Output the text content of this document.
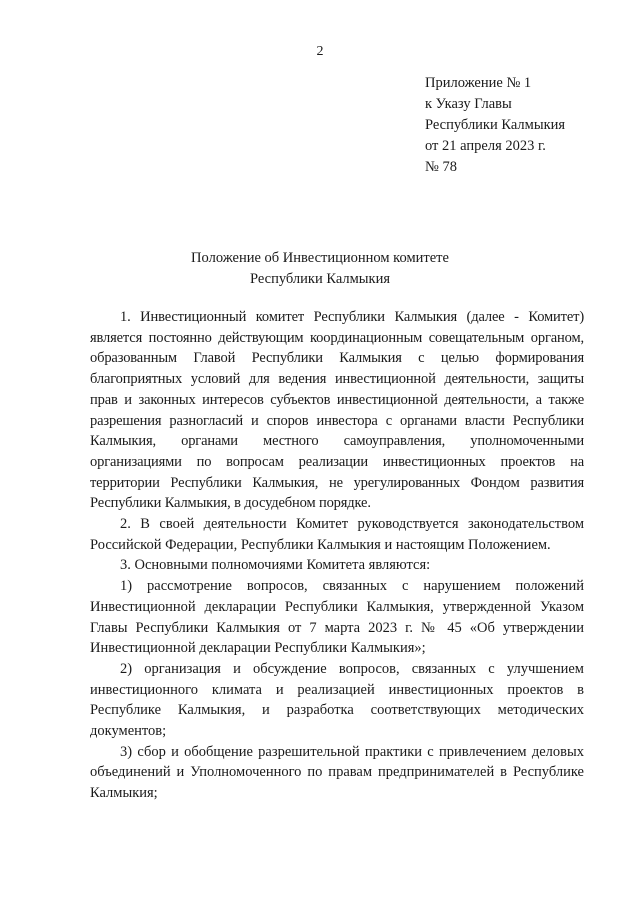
2
Приложение № 1
к Указу Главы
Республики Калмыкия
от 21 апреля 2023 г.
№ 78
Положение об Инвестиционном комитете
Республики Калмыкия

1. Инвестиционный комитет Республики Калмыкия (далее - Комитет) является постоянно действующим координационным совещательным органом, образованным Главой Республики Калмыкия с целью формирования благоприятных условий для ведения инвестиционной деятельности, защиты прав и законных интересов субъектов инвестиционной деятельности, а также разрешения разногласий и споров инвестора с органами власти Республики Калмыкия, органами местного самоуправления, уполномоченными организациями по вопросам реализации инвестиционных проектов на территории Республики Калмыкия, не урегулированных Фондом развития Республики Калмыкия, в досудебном порядке.

2. В своей деятельности Комитет руководствуется законодательством Российской Федерации, Республики Калмыкия и настоящим Положением.

3. Основными полномочиями Комитета являются:

1) рассмотрение вопросов, связанных с нарушением положений Инвестиционной декларации Республики Калмыкия, утвержденной Указом Главы Республики Калмыкия от 7 марта 2023 г. № 45 «Об утверждении Инвестиционной декларации Республики Калмыкия»;

2) организация и обсуждение вопросов, связанных с улучшением инвестиционного климата и реализацией инвестиционных проектов в Республике Калмыкия, и разработка соответствующих методических документов;

3) сбор и обобщение разрешительной практики с привлечением деловых объединений и Уполномоченного по правам предпринимателей в Республике Калмыкия;
